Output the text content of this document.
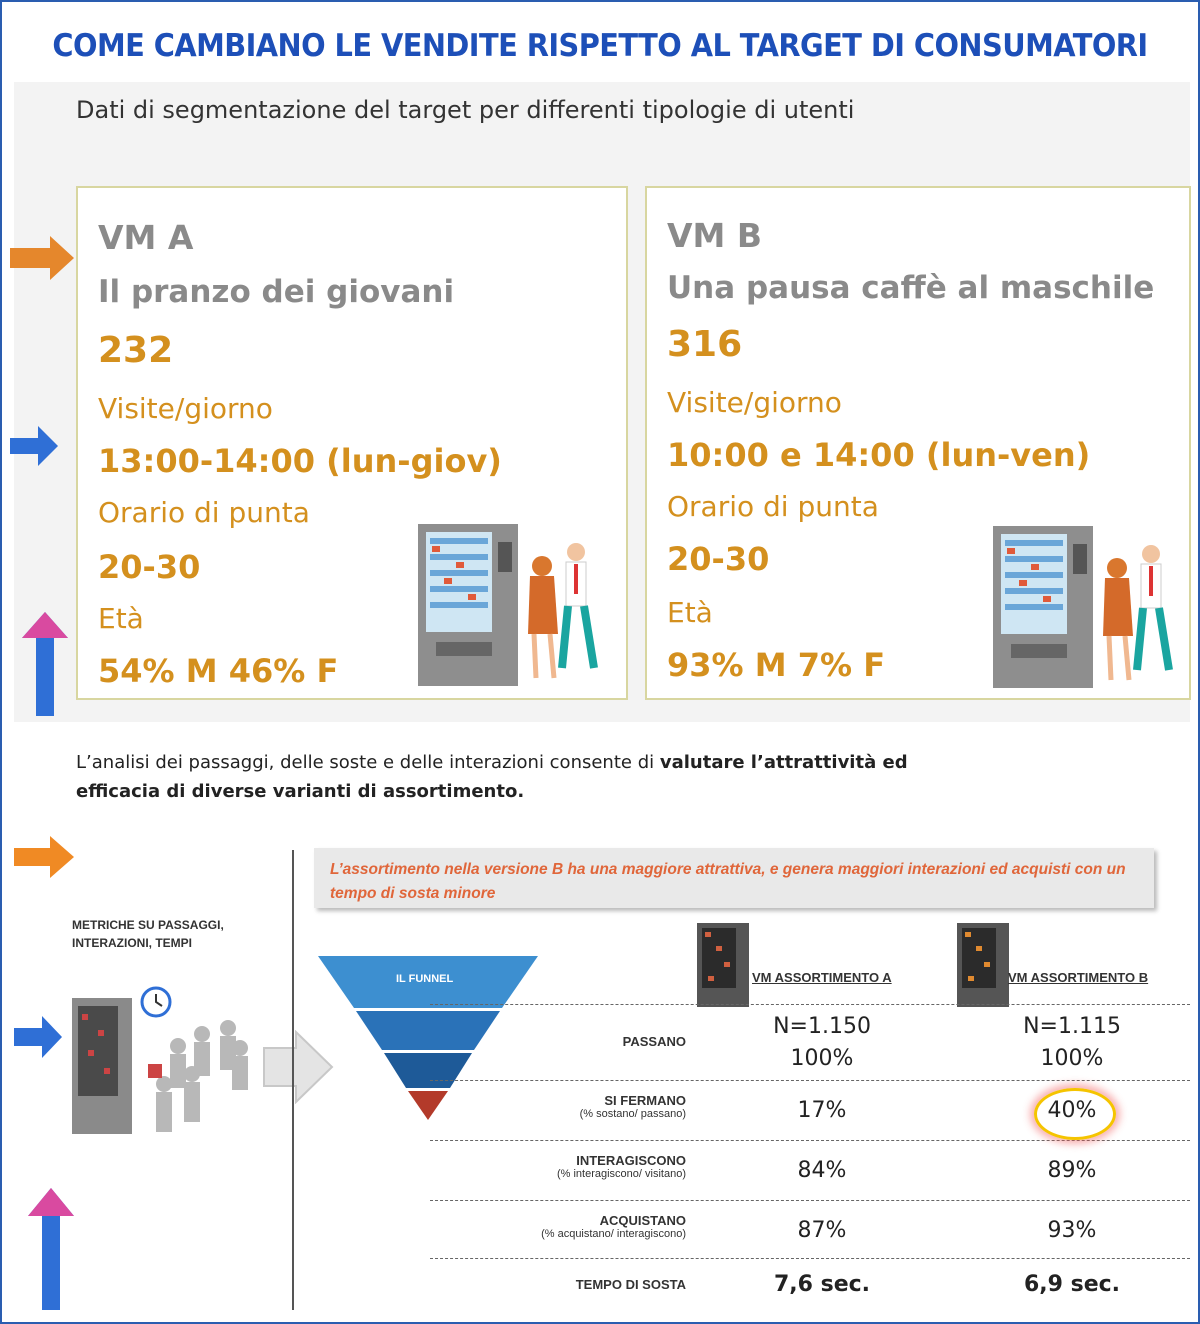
COME CAMBIANO LE VENDITE RISPETTO AL TARGET DI CONSUMATORI
Dati di segmentazione del target per differenti tipologie di utenti
VM A
Il pranzo dei giovani
232
Visite/giorno
13:00-14:00 (lun-giov)
Orario di punta
20-30
Età
54% M 46% F
VM B
Una pausa caffè al maschile
316
Visite/giorno
10:00 e 14:00 (lun-ven)
Orario di punta
20-30
Età
93% M 7% F
L’analisi dei passaggi, delle soste e delle interazioni consente di valutare l’attrattività ed efficacia di diverse varianti di assortimento.
METRICHE SU PASSAGGI,
INTERAZIONI, TEMPI
L’assortimento nella versione B ha una maggiore attrattiva, e genera maggiori interazioni ed acquisti con un tempo di sosta minore
IL FUNNEL	VM ASSORTIMENTO A	VM ASSORTIMENTO B
PASSANO
SI FERMANO
(% sostano/ passano)
INTERAGISCONO
(% interagiscono/ visitano)
ACQUISTANO
(% acquistano/ interagiscono)
TEMPO DI SOSTA
N=1.150
100%
17%
84%
87%
7,6 sec.
N=1.115
100%
40%
89%
93%
6,9 sec.
